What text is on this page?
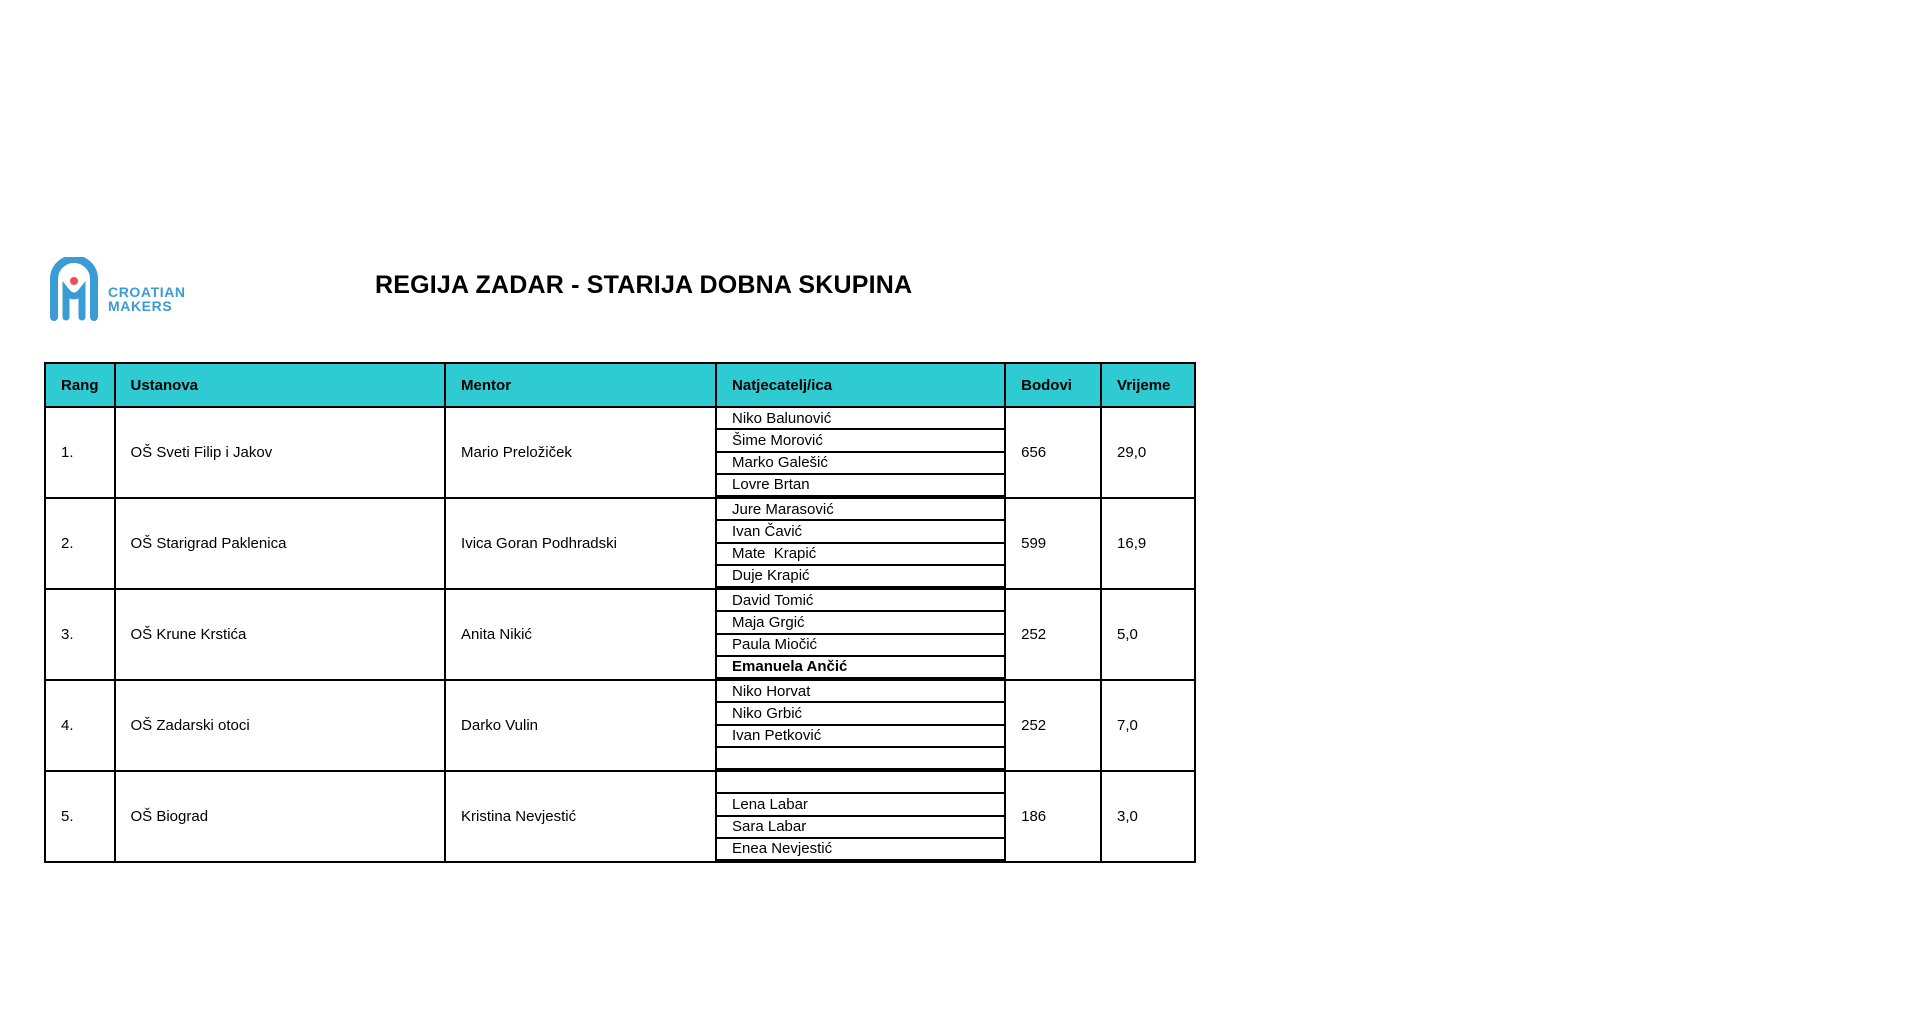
CROATIAN
MAKERS
REGIJA ZADAR - STARIJA DOBNA SKUPINA
Rang	Ustanova	Mentor	Natjecatelj/ica	Bodovi	Vrijeme
1.	OŠ Sveti Filip i Jakov	Mario Preložiček	Niko Balunović
Šime Morović
Marko Galešić
Lovre Brtan	656	29,0
2.	OŠ Starigrad Paklenica	Ivica Goran Podhradski	Jure Marasović
Ivan Čavić
Mate  Krapić
Duje Krapić	599	16,9
3.	OŠ Krune Krstića	Anita Nikić	David Tomić
Maja Grgić
Paula Miočić
Emanuela Ančić	252	5,0
4.	OŠ Zadarski otoci	Darko Vulin	Niko Horvat
Niko Grbić
Ivan Petković	252	7,0
5.	OŠ Biograd	Kristina Nevjestić	Lena Labar
Sara Labar
Enea Nevjestić	186	3,0
